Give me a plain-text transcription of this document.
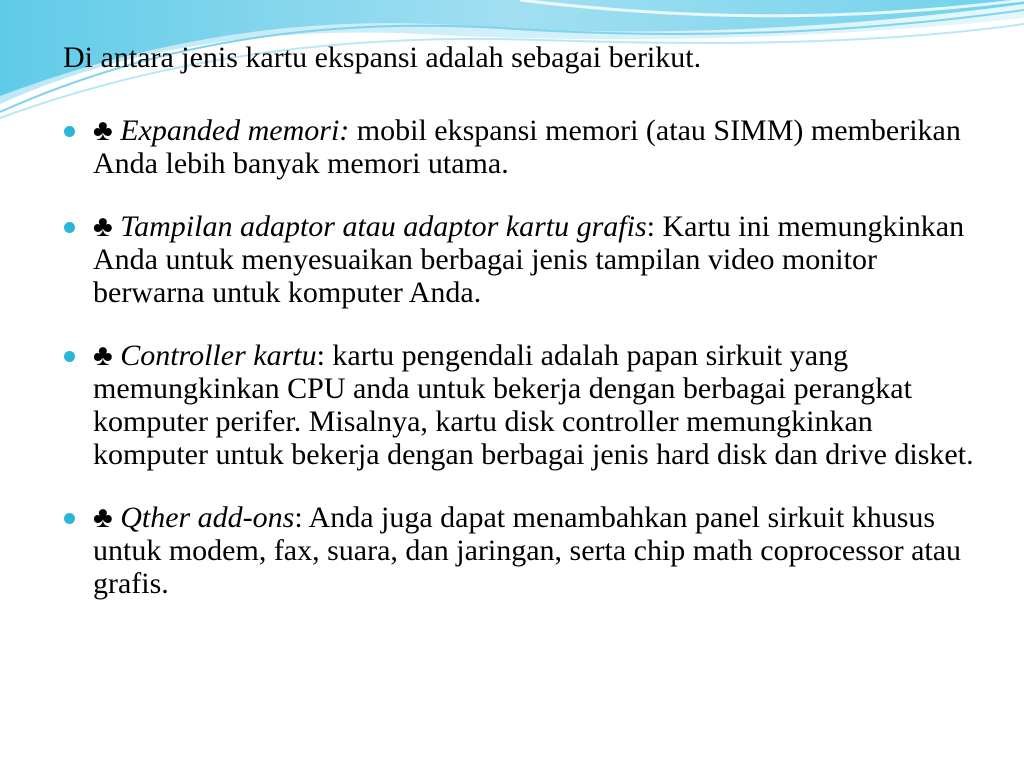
Di antara jenis kartu ekspansi adalah sebagai berikut.

♣ Expanded memori: mobil ekspansi memori (atau SIMM) memberikan Anda lebih banyak memori utama.
♣ Tampilan adaptor atau adaptor kartu grafis: Kartu ini memungkinkan Anda untuk menyesuaikan berbagai jenis tampilan video monitor berwarna untuk komputer Anda.
♣ Controller kartu: kartu pengendali adalah papan sirkuit yang memungkinkan CPU anda untuk bekerja dengan berbagai perangkat komputer perifer. Misalnya, kartu disk controller memungkinkan komputer untuk bekerja dengan berbagai jenis hard disk dan drive disket.
♣ Qther add-ons: Anda juga dapat menambahkan panel sirkuit khusus untuk modem, fax, suara, dan jaringan, serta chip math coprocessor atau grafis.
